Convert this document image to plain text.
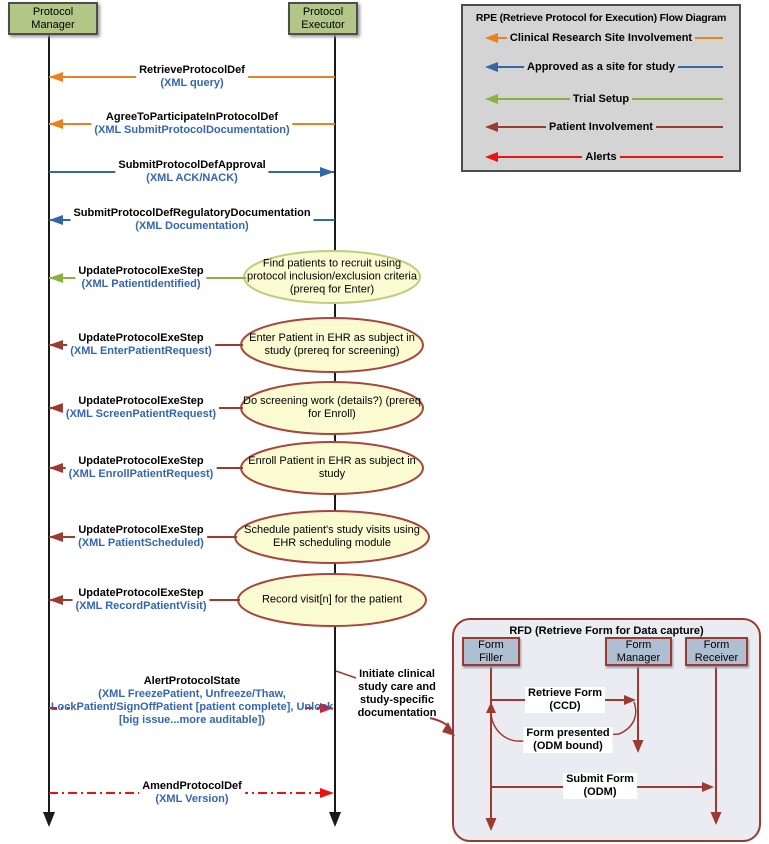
RFD (Retrieve Form for Data capture)
Protocol
Manager
Protocol
Executor
RPE (Retrieve Protocol for Execution) Flow Diagram
Clinical Research Site Involvement
Approved as a site for study
Trial Setup
Patient Involvement
Alerts
RetrieveProtocolDef
(XML query)
AgreeToParticipateInProtocolDef
(XML SubmitProtocolDocumentation)
SubmitProtocolDefApproval
(XML ACK/NACK)
SubmitProtocolDefRegulatoryDocumentation
(XML Documentation)
UpdateProtocolExeStep
(XML PatientIdentified)
UpdateProtocolExeStep
(XML EnterPatientRequest)
UpdateProtocolExeStep
(XML ScreenPatientRequest)
UpdateProtocolExeStep
(XML EnrollPatientRequest)
UpdateProtocolExeStep
(XML PatientScheduled)
UpdateProtocolExeStep
(XML RecordPatientVisit)
AlertProtocolState
(XML FreezePatient, Unfreeze/Thaw, LockPatient/SignOffPatient [patient complete], Unlock [big issue...more auditable])
AmendProtocolDef
(XML Version)
Find patients to recruit using protocol inclusion/exclusion criteria (prereq for Enter)
Enter Patient in EHR as subject in study (prereq for screening)
Do screening work (details?) (prereq for Enroll)
Enroll Patient in EHR as subject in study
Schedule patient's study visits using EHR scheduling module
Record visit[n] for the patient
Initiate clinical study care and study-specific documentation
Form
Filler
Form
Manager
Form
Receiver
Retrieve Form
(CCD)
Form presented
(ODM bound)
Submit Form
(ODM)
